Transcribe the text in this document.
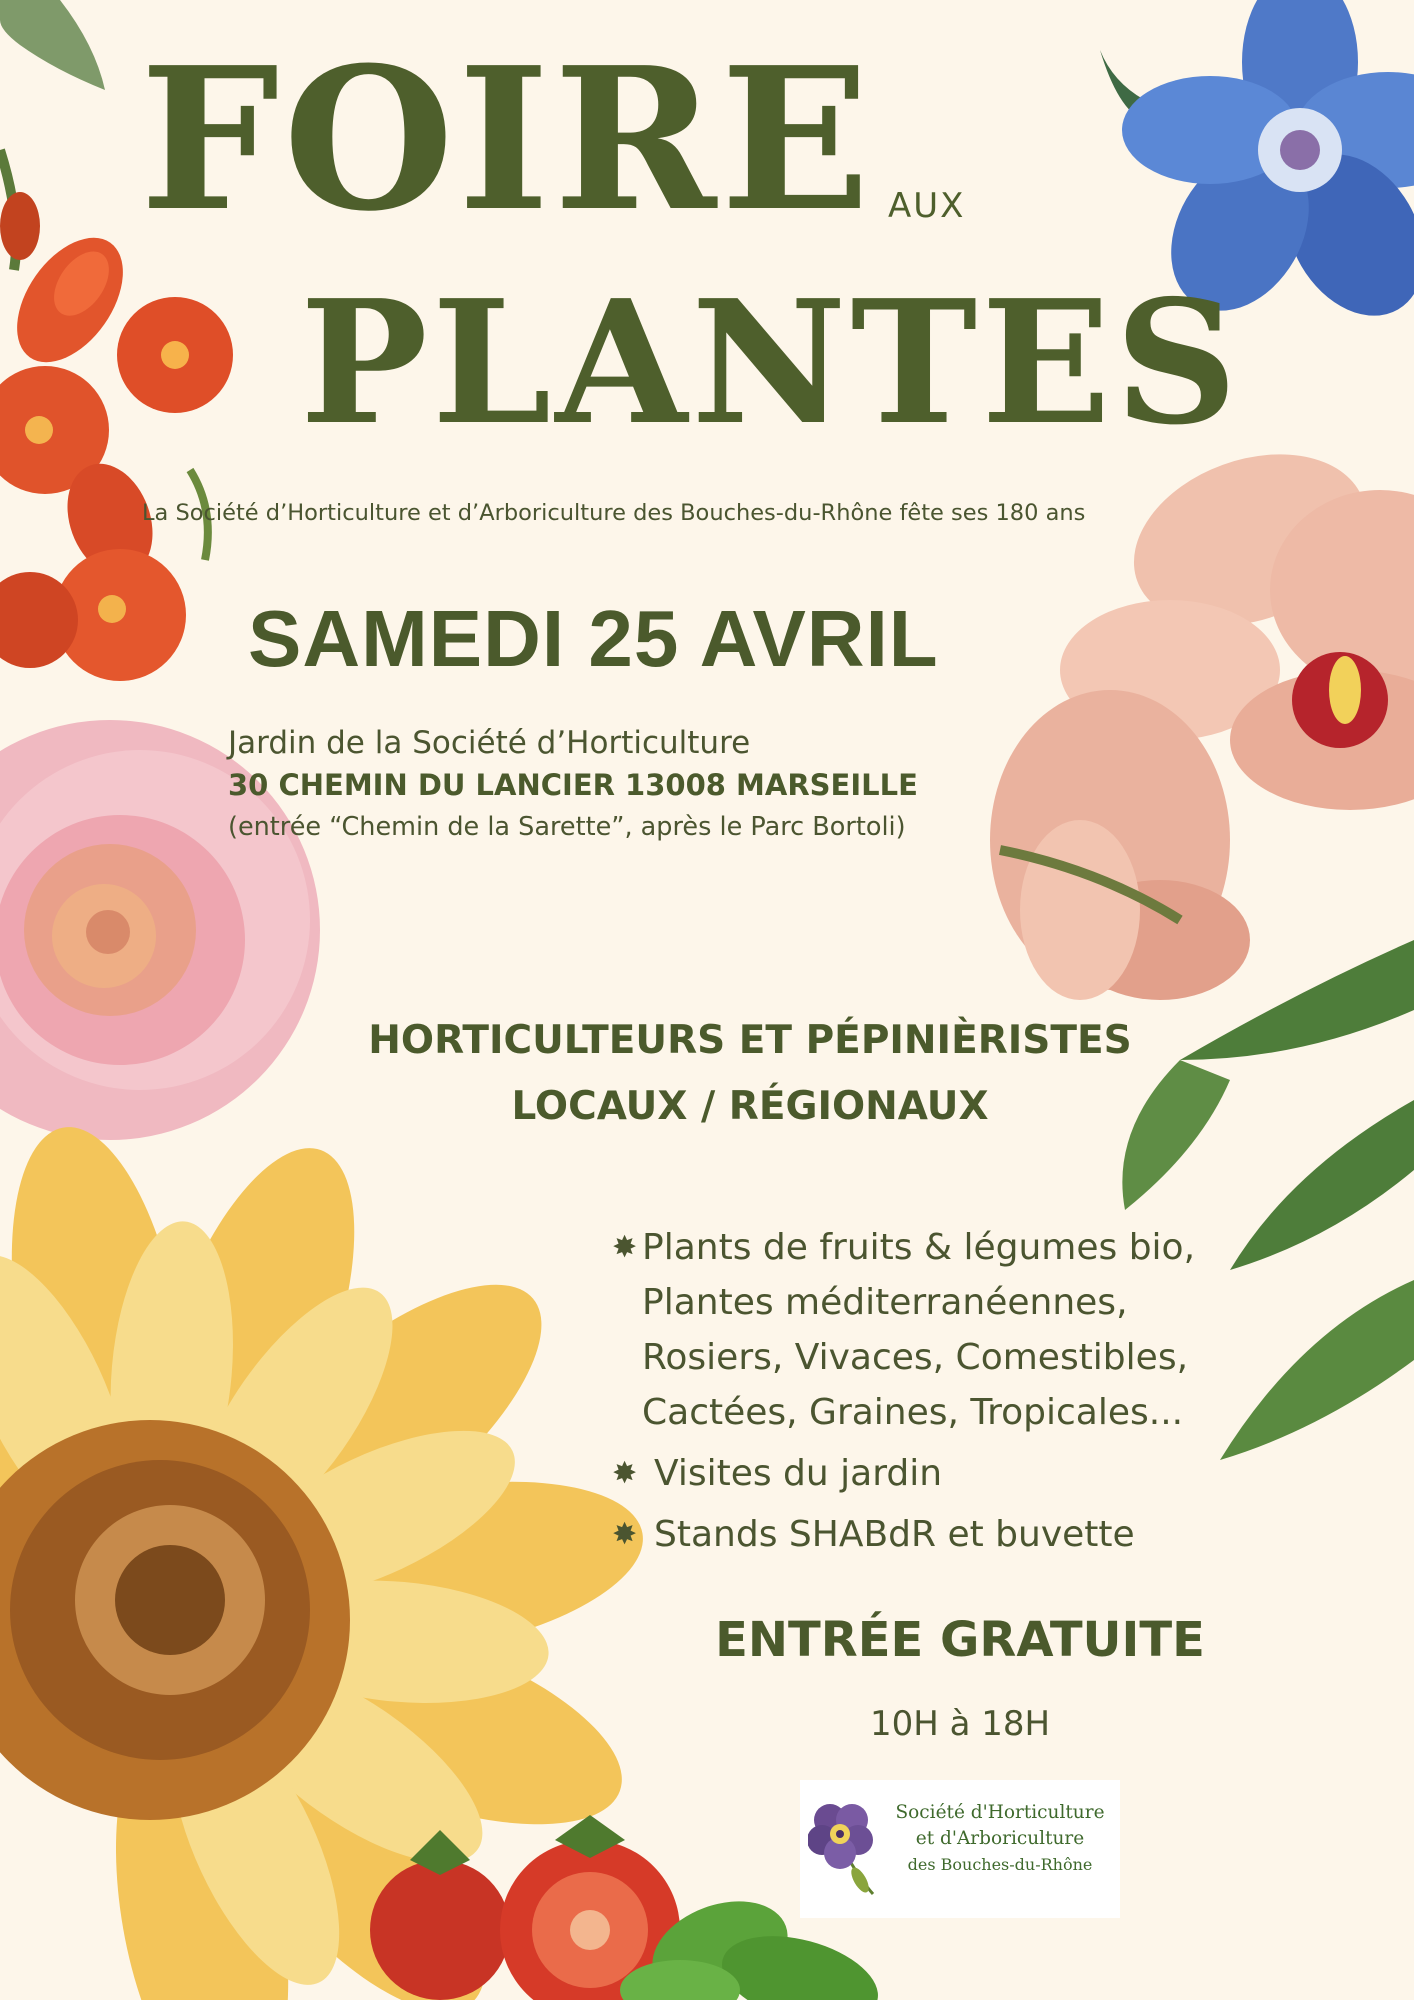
FOIRE AUX
PLANTES
La Société d’Horticulture et d’Arboriculture des Bouches-du-Rhône fête ses 180 ans
SAMEDI 25 AVRIL
Jardin de la Société d’Horticulture
30 CHEMIN DU LANCIER 13008 MARSEILLE
(entrée “Chemin de la Sarette”, après le Parc Bortoli)
HORTICULTEURS ET PÉPINIÈRISTES
LOCAUX / RÉGIONAUX
✸ Plants de fruits & légumes bio,
Plantes méditerranéennes,
Rosiers, Vivaces, Comestibles,
Cactées, Graines, Tropicales...
✸ Visites du jardin
✸ Stands SHABdR et buvette
ENTRÉE GRATUITE
10H à 18H
Société d'Horticulture
et d'Arboriculture
des Bouches-du-Rhône
